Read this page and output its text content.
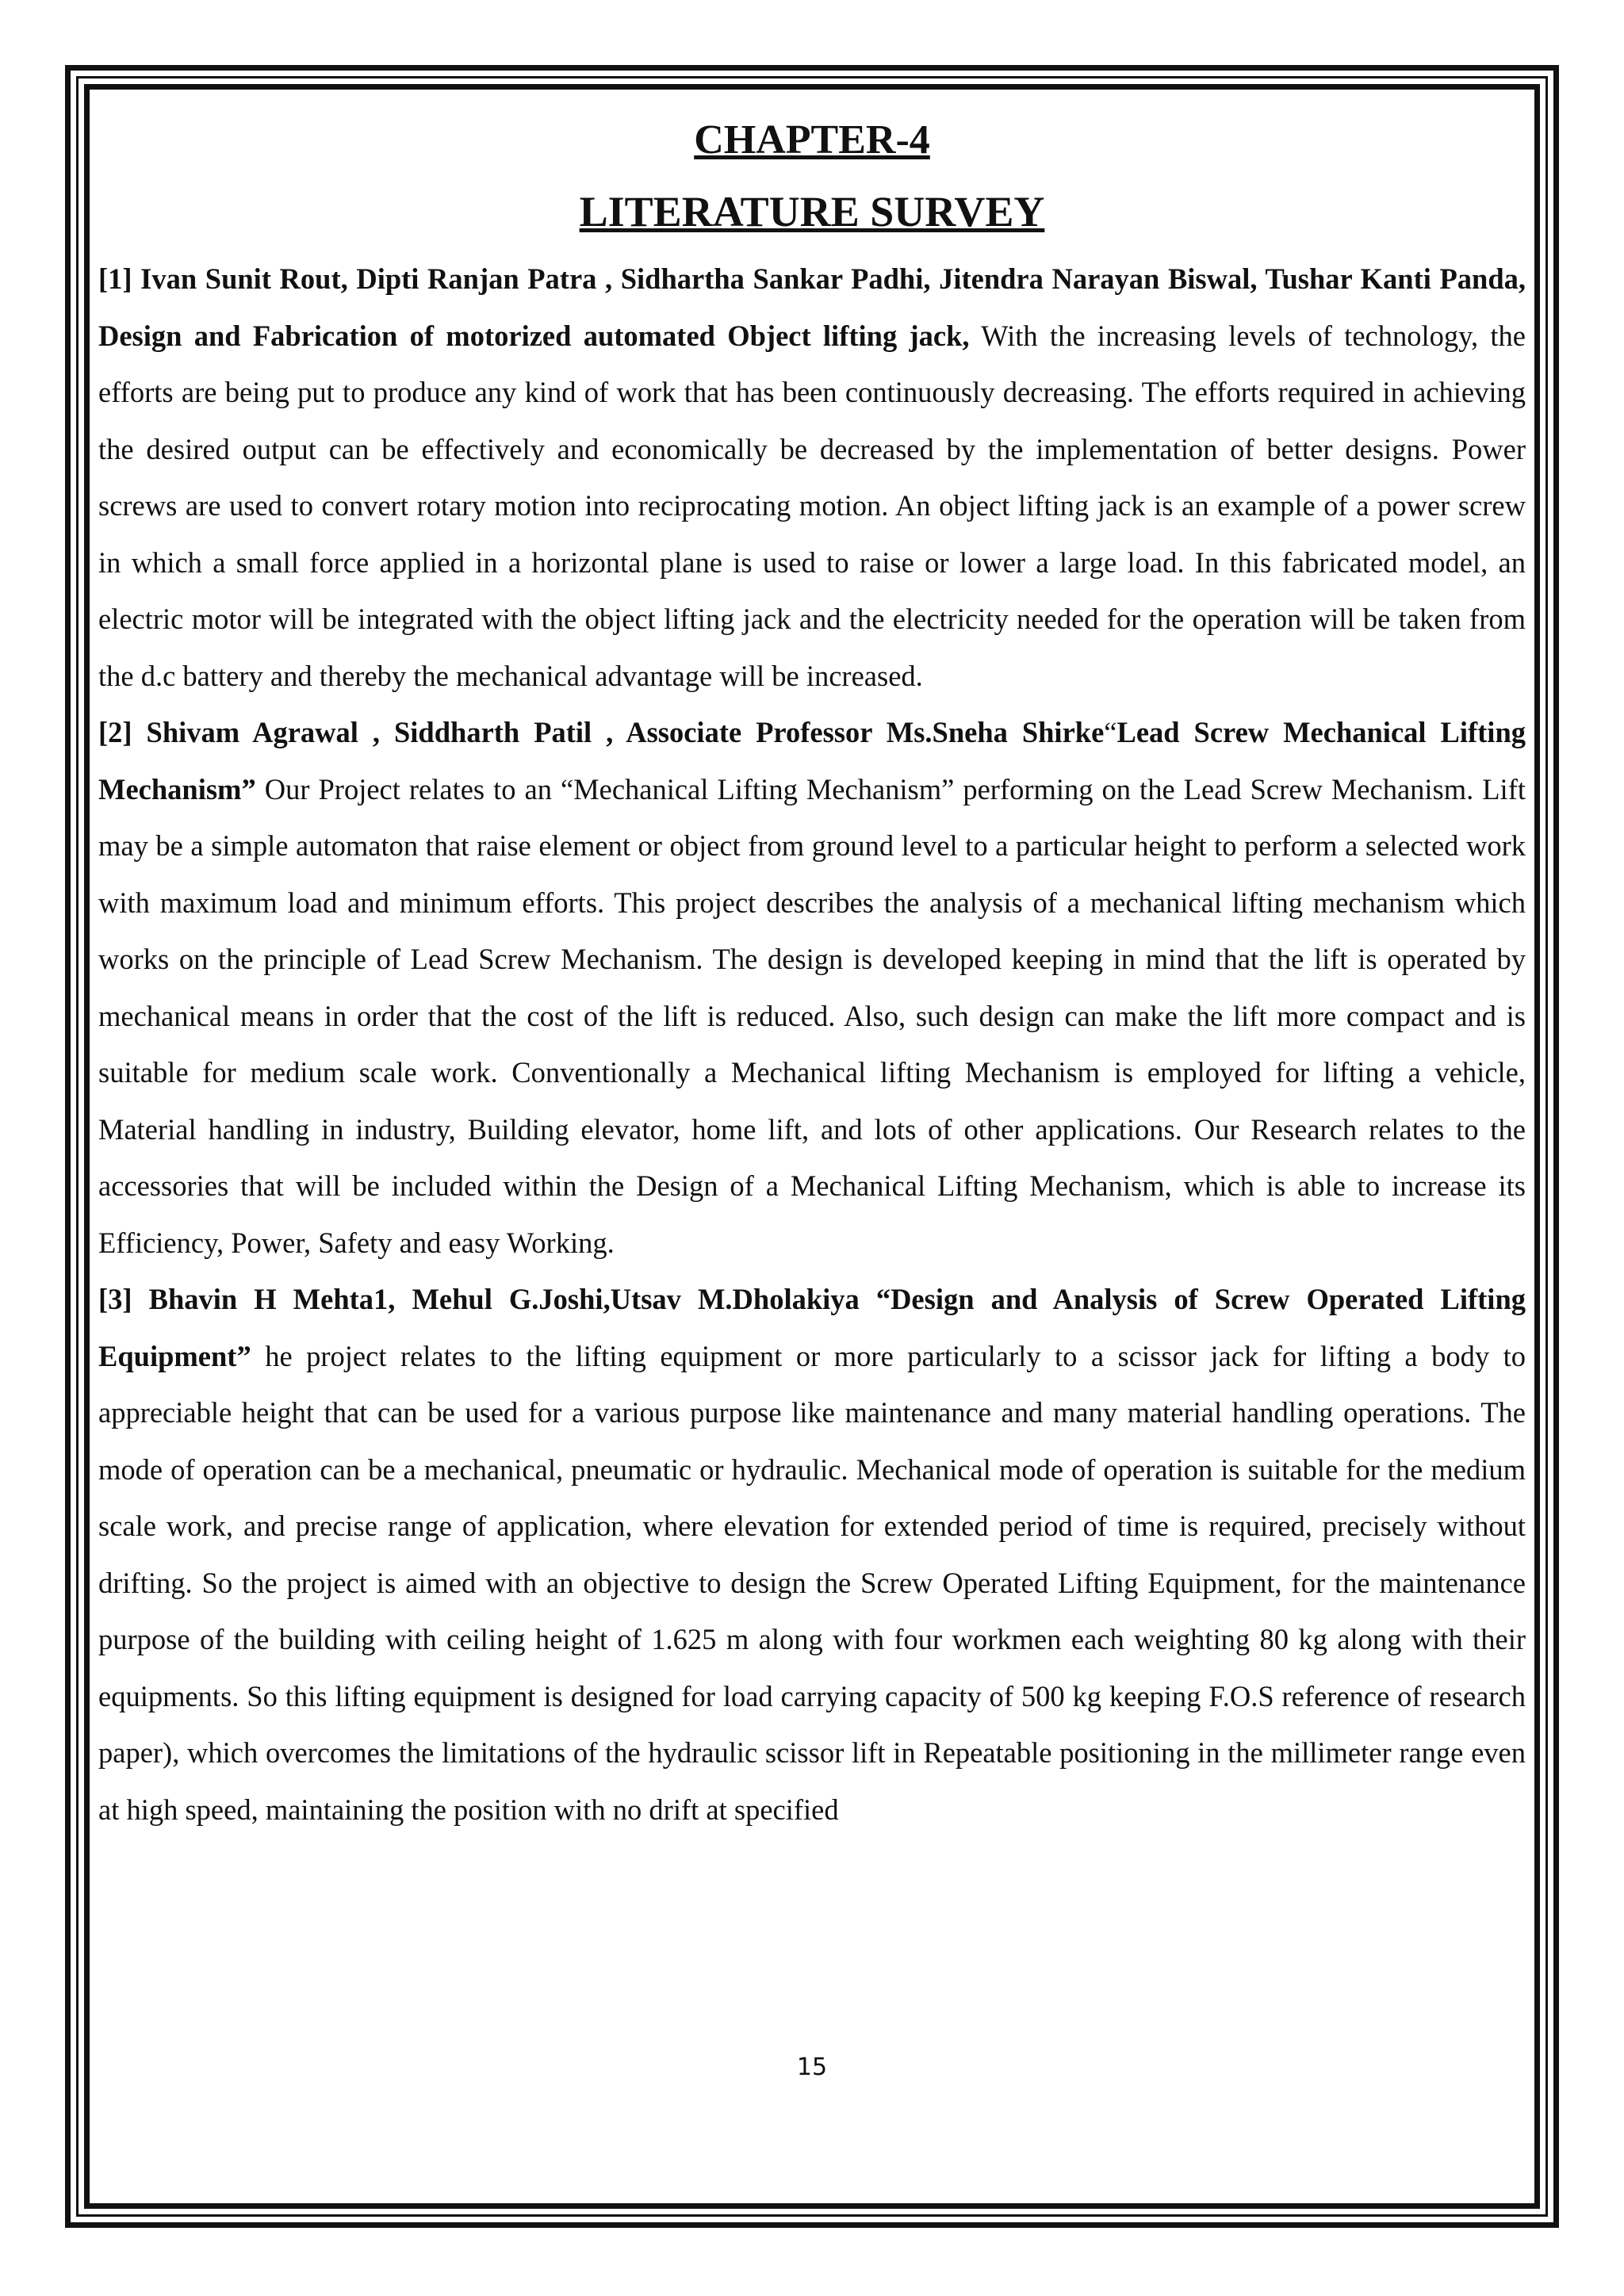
CHAPTER-4
LITERATURE SURVEY

[1] Ivan Sunit Rout, Dipti Ranjan Patra , Sidhartha Sankar Padhi, Jitendra Narayan Biswal, Tushar Kanti Panda, Design and Fabrication of motorized automated Object lifting jack, With the increasing levels of technology, the efforts are being put to produce any kind of work that has been continuously decreasing. The efforts required in achieving the desired output can be effectively and economically be decreased by the implementation of better designs. Power screws are used to convert rotary motion into reciprocating motion. An object lifting jack is an example of a power screw in which a small force applied in a horizontal plane is used to raise or lower a large load. In this fabricated model, an electric motor will be integrated with the object lifting jack and the electricity needed for the operation will be taken from the d.c battery and thereby the mechanical advantage will be increased.

[2] Shivam Agrawal , Siddharth Patil , Associate Professor Ms.Sneha Shirke“Lead Screw Mechanical Lifting Mechanism” Our Project relates to an “Mechanical Lifting Mechanism” performing on the Lead Screw Mechanism. Lift may be a simple automaton that raise element or object from ground level to a particular height to perform a selected work with maximum load and minimum efforts. This project describes the analysis of a mechanical lifting mechanism which works on the principle of Lead Screw Mechanism. The design is developed keeping in mind that the lift is operated by mechanical means in order that the cost of the lift is reduced. Also, such design can make the lift more compact and is suitable for medium scale work. Conventionally a Mechanical lifting Mechanism is employed for lifting a vehicle, Material handling in industry, Building elevator, home lift, and lots of other applications. Our Research relates to the accessories that will be included within the Design of a Mechanical Lifting Mechanism, which is able to increase its Efficiency, Power, Safety and easy Working.

[3] Bhavin H Mehta1, Mehul G.Joshi,Utsav M.Dholakiya “Design and Analysis of Screw Operated Lifting Equipment” he project relates to the lifting equipment or more particularly to a scissor jack for lifting a body to appreciable height that can be used for a various purpose like maintenance and many material handling operations. The mode of operation can be a mechanical, pneumatic or hydraulic. Mechanical mode of operation is suitable for the medium scale work, and precise range of application, where elevation for extended period of time is required, precisely without drifting. So the project is aimed with an objective to design the Screw Operated Lifting Equipment, for the maintenance purpose of the building with ceiling height of 1.625 m along with four workmen each weighting 80 kg along with their equipments. So this lifting equipment is designed for load carrying capacity of 500 kg keeping F.O.S reference of research paper), which overcomes the limitations of the hydraulic scissor lift in Repeatable positioning in the millimeter range even at high speed, maintaining the position with no drift at specified

15
